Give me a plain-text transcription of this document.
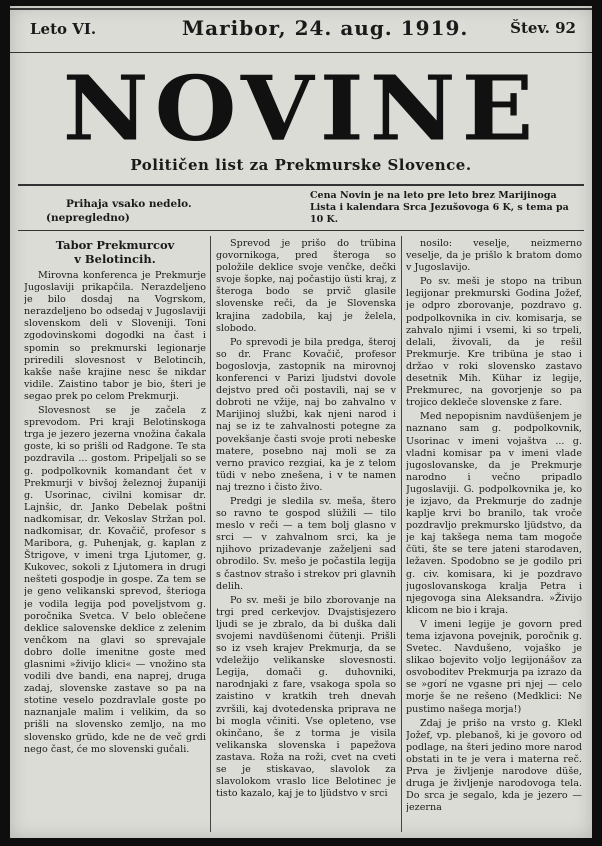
Leto VI.	Maribor, 24. aug. 1919.	Štev. 92
NOVINE
Političen list za Prekmurske Slovence.
Prihaja vsako nedelo.
(nepregledno)
Cena Novin je na leto pre leto brez Marijinoga Lista i kalendara Srca Jezušovoga 6 K, s tema pa 10 K.
Tabor Prekmurcov
v Belotincih.

Mirovna konferenca je Prekmurje Jugoslaviji prikapčila. Nerazdeljeno je bilo dosdaj na Vogrskom, nerazdeljeno bo odsedaj v Jugoslaviji slovenskom deli v Sloveniji. Toni zgodovinskomi dogodki na čast i spomin so prekmurski legionarje priredili slovesnost v Belotincih, kakše naše krajine nesc še nikdar vidile. Zaistino tabor je bio, šteri je segao prek po celom Prekmurji.

Slovesnost se je začela z sprevodom. Pri kraji Belotinskoga trga je jezero jezerna vnožina čakala goste, ki so prišli od Radgone. Te sta pozdravila ... gostom. Pripeljali so se g. podpolkovnik komandant čet v Prekmurji v bivšoj železnoj županiji g. Usorinac, civilni komisar dr. Lajnšic, dr. Janko Debelak poštni nadkomisar, dr. Vekoslav Stržan pol. nadkomisar, dr. Kovačič, profesor s Maribora, g. Puhenjak, g. kaplan z Štrigove, v imeni trga Ljutomer, g. Kukovec, sokoli z Ljutomera in drugi nešteti gospodje in gospe. Za tem se je geno velikanski sprevod, šterioga je vodila legija pod poveljstvom g. poročnika Svetca. V belo oblečene deklice salovenske deklice z zelenim venčkom na glavi so sprevajale dobro dolle imenitne goste med glasnimi »živijo klici« — vnožino sta vodili dve bandi, ena naprej, druga zadaj, slovenske zastave so pa na stotine veselo pozdravlale goste po naznanjale malim i velikim, da so prišli na slovensko zemljo, na mo slovensko grüdo, kde ne de več grdi nego čast, će mo slovenski gučali.

Sprevod je prišo do trübina govornikoga, pred šteroga so položile deklice svoje venčke, dečki svoje šopke, naj počastijo üsti kraj, z šteroga bodo se prvič glasile slovenske reči, da je Slovenska krajina zadobila, kaj je želela, slobodo.

Po sprevodi je bila predga, šteroj so dr. Franc Kovačič, profesor bogoslovja, zastopnik na mirovnoj konferenci v Parizi ljudstvi dovole dejstvo pred oči postavili, naj se v dobroti ne vžije, naj bo zahvalno v Marijinoj službi, kak njeni narod i naj se iz te zahvalnosti potegne za povekšanje časti svoje proti nebeske matere, posebno naj moli se za verno pravico rezgiai, ka je z telom tüdi v nebo znešena, i v te namen naj trezno i čisto živo.

Predgi je sledila sv. meša, štero so ravno te gospod slüžili — tilo meslo v reči — a tem bolj glasno v srci — v zahvalnom srci, ka je njihovo prizadevanje zaželjeni sad obrodilo. Sv. mešo je počastila legija s častnov strašo i strekov pri glavnih delih.

Po sv. meši je bilo zborovanje na trgi pred cerkevjov. Dvajstisjezero ljudi se je zbralo, da bi duška dali svojemi navdüšenomi čütenji. Prišli so iz vseh krajev Prekmurja, da se vdeležijo velikanske slovesnosti. Legija, domači g. duhovniki, narodnjaki z fare, vsakoga spola so zaistino v kratkih treh dnevah zvršili, kaj dvotedenska priprava ne bi mogla včiniti. Vse opleteno, vse okinčano, še z torma je visila velikanska slovenska i papežova zastava. Roža na roži, cvet na cveti se je stiskavao, slavolok za slavolokom vraslo lice Belotinec je tisto kazalo, kaj je to ljüdstvo v srci

nosilo: veselje, neizmerno veselje, da je prišlo k bratom domo v Jugoslavijo.

Po sv. meši je stopo na tribun legijonar prekmurski Godina Jožef, je odpro zborovanje, pozdravo g. podpolkovnika in civ. komisarja, se zahvalo njimi i vsemi, ki so trpeli, delali, živovali, da je rešil Prekmurje. Kre tribüna je stao i držao v roki slovensko zastavo desetnik Mih. Kühar iz legije, Prekmurec, na govorjenje so pa trojico dekleče slovenske z fare.

Med nepopisnim navdüšenjem je naznano sam g. podpolkovnik, Usorinac v imeni vojaštva ... g. vladni komisar pa v imeni vlade jugoslovanske, da je Prekmurje narodno i večno pripadlo Jugoslaviji. G. podpolkovnika je, ko je izjavo, da Prekmurje do zadnje kaplje krvi bo branilo, tak vroče pozdravljo prekmursko ljüdstvo, da je kaj takšega nema tam mogoče čüti, šte se tere jateni starodaven, ležaven. Spodobno se je godilo pri g. civ. komisarа, ki je pozdravo jugoslovanskoga kralja Petra i njegovoga sina Aleksandra. »Živijo klicom ne bio i kraja.

V imeni legije je govorn pred tema izjavona povejnik, poročnik g. Svetec. Navdušeno, vojaško je slikao bojevito voljo legijonášov za osvoboditev Prekmurja pa izrazo da se »gorí ne vgasne pri njej — celo morje še ne rešeno (Medklici: Ne pustimo našega morja!)

Zdaj je prišo na vrsto g. Klekl Jožef, vp. plebanoš, ki je govoro od podlage, na šteri jedino more narod obstati in te je vera i materna reč. Prva je življenje narodove düše, druga je življenje narodovoga tela. Do srca je segalo, kda je jezero — jezerna
